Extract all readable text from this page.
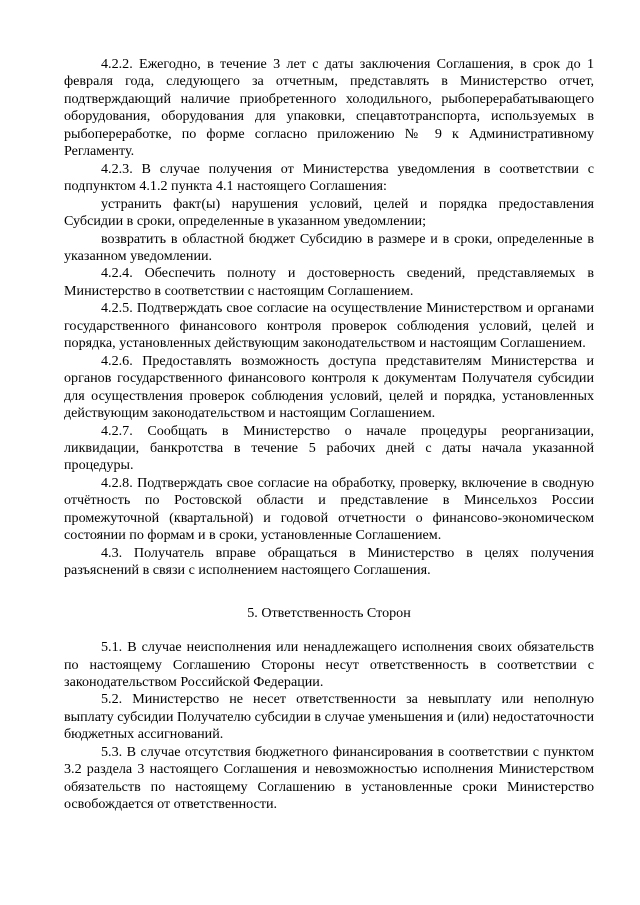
4.2.2. Ежегодно, в течение 3 лет с даты заключения Соглашения, в срок до 1 февраля года, следующего за отчетным, представлять в Министерство отчет, подтверждающий наличие приобретенного холодильного, рыбоперерабатывающего оборудования, оборудования для упаковки, спецавтотранспорта, используемых в рыбопереработке, по форме согласно приложению № 9 к Административному Регламенту.

4.2.3. В случае получения от Министерства уведомления в соответствии с подпунктом 4.1.2 пункта 4.1 настоящего Соглашения:

устранить факт(ы) нарушения условий, целей и порядка предоставления Субсидии в сроки, определенные в указанном уведомлении;

возвратить в областной бюджет Субсидию в размере и в сроки, определенные в указанном уведомлении.

4.2.4. Обеспечить полноту и достоверность сведений, представляемых в Министерство в соответствии с настоящим Соглашением.

4.2.5. Подтверждать свое согласие на осуществление Министерством и органами государственного финансового контроля проверок соблюдения условий, целей и порядка, установленных действующим законодательством и настоящим Соглашением.

4.2.6. Предоставлять возможность доступа представителям Министерства и органов государственного финансового контроля к документам Получателя субсидии для осуществления проверок соблюдения условий, целей и порядка, установленных действующим законодательством и настоящим Соглашением.

4.2.7. Сообщать в Министерство о начале процедуры реорганизации, ликвидации, банкротства в течение 5 рабочих дней с даты начала указанной процедуры.

4.2.8. Подтверждать свое согласие на обработку, проверку, включение в сводную отчётность по Ростовской области и представление в Минсельхоз России промежуточной (квартальной) и годовой отчетности о финансово-экономическом состоянии по формам и в сроки, установленные Соглашением.

4.3. Получатель вправе обращаться в Министерство в целях получения разъяснений в связи с исполнением настоящего Соглашения.

5. Ответственность Сторон

5.1. В случае неисполнения или ненадлежащего исполнения своих обязательств по настоящему Соглашению Стороны несут ответственность в соответствии с законодательством Российской Федерации.

5.2. Министерство не несет ответственности за невыплату или неполную выплату субсидии Получателю субсидии в случае уменьшения и (или) недостаточности бюджетных ассигнований.

5.3. В случае отсутствия бюджетного финансирования в соответствии с пунктом 3.2 раздела 3 настоящего Соглашения и невозможностью исполнения Министерством обязательств по настоящему Соглашению в установленные сроки Министерство освобождается от ответственности.
